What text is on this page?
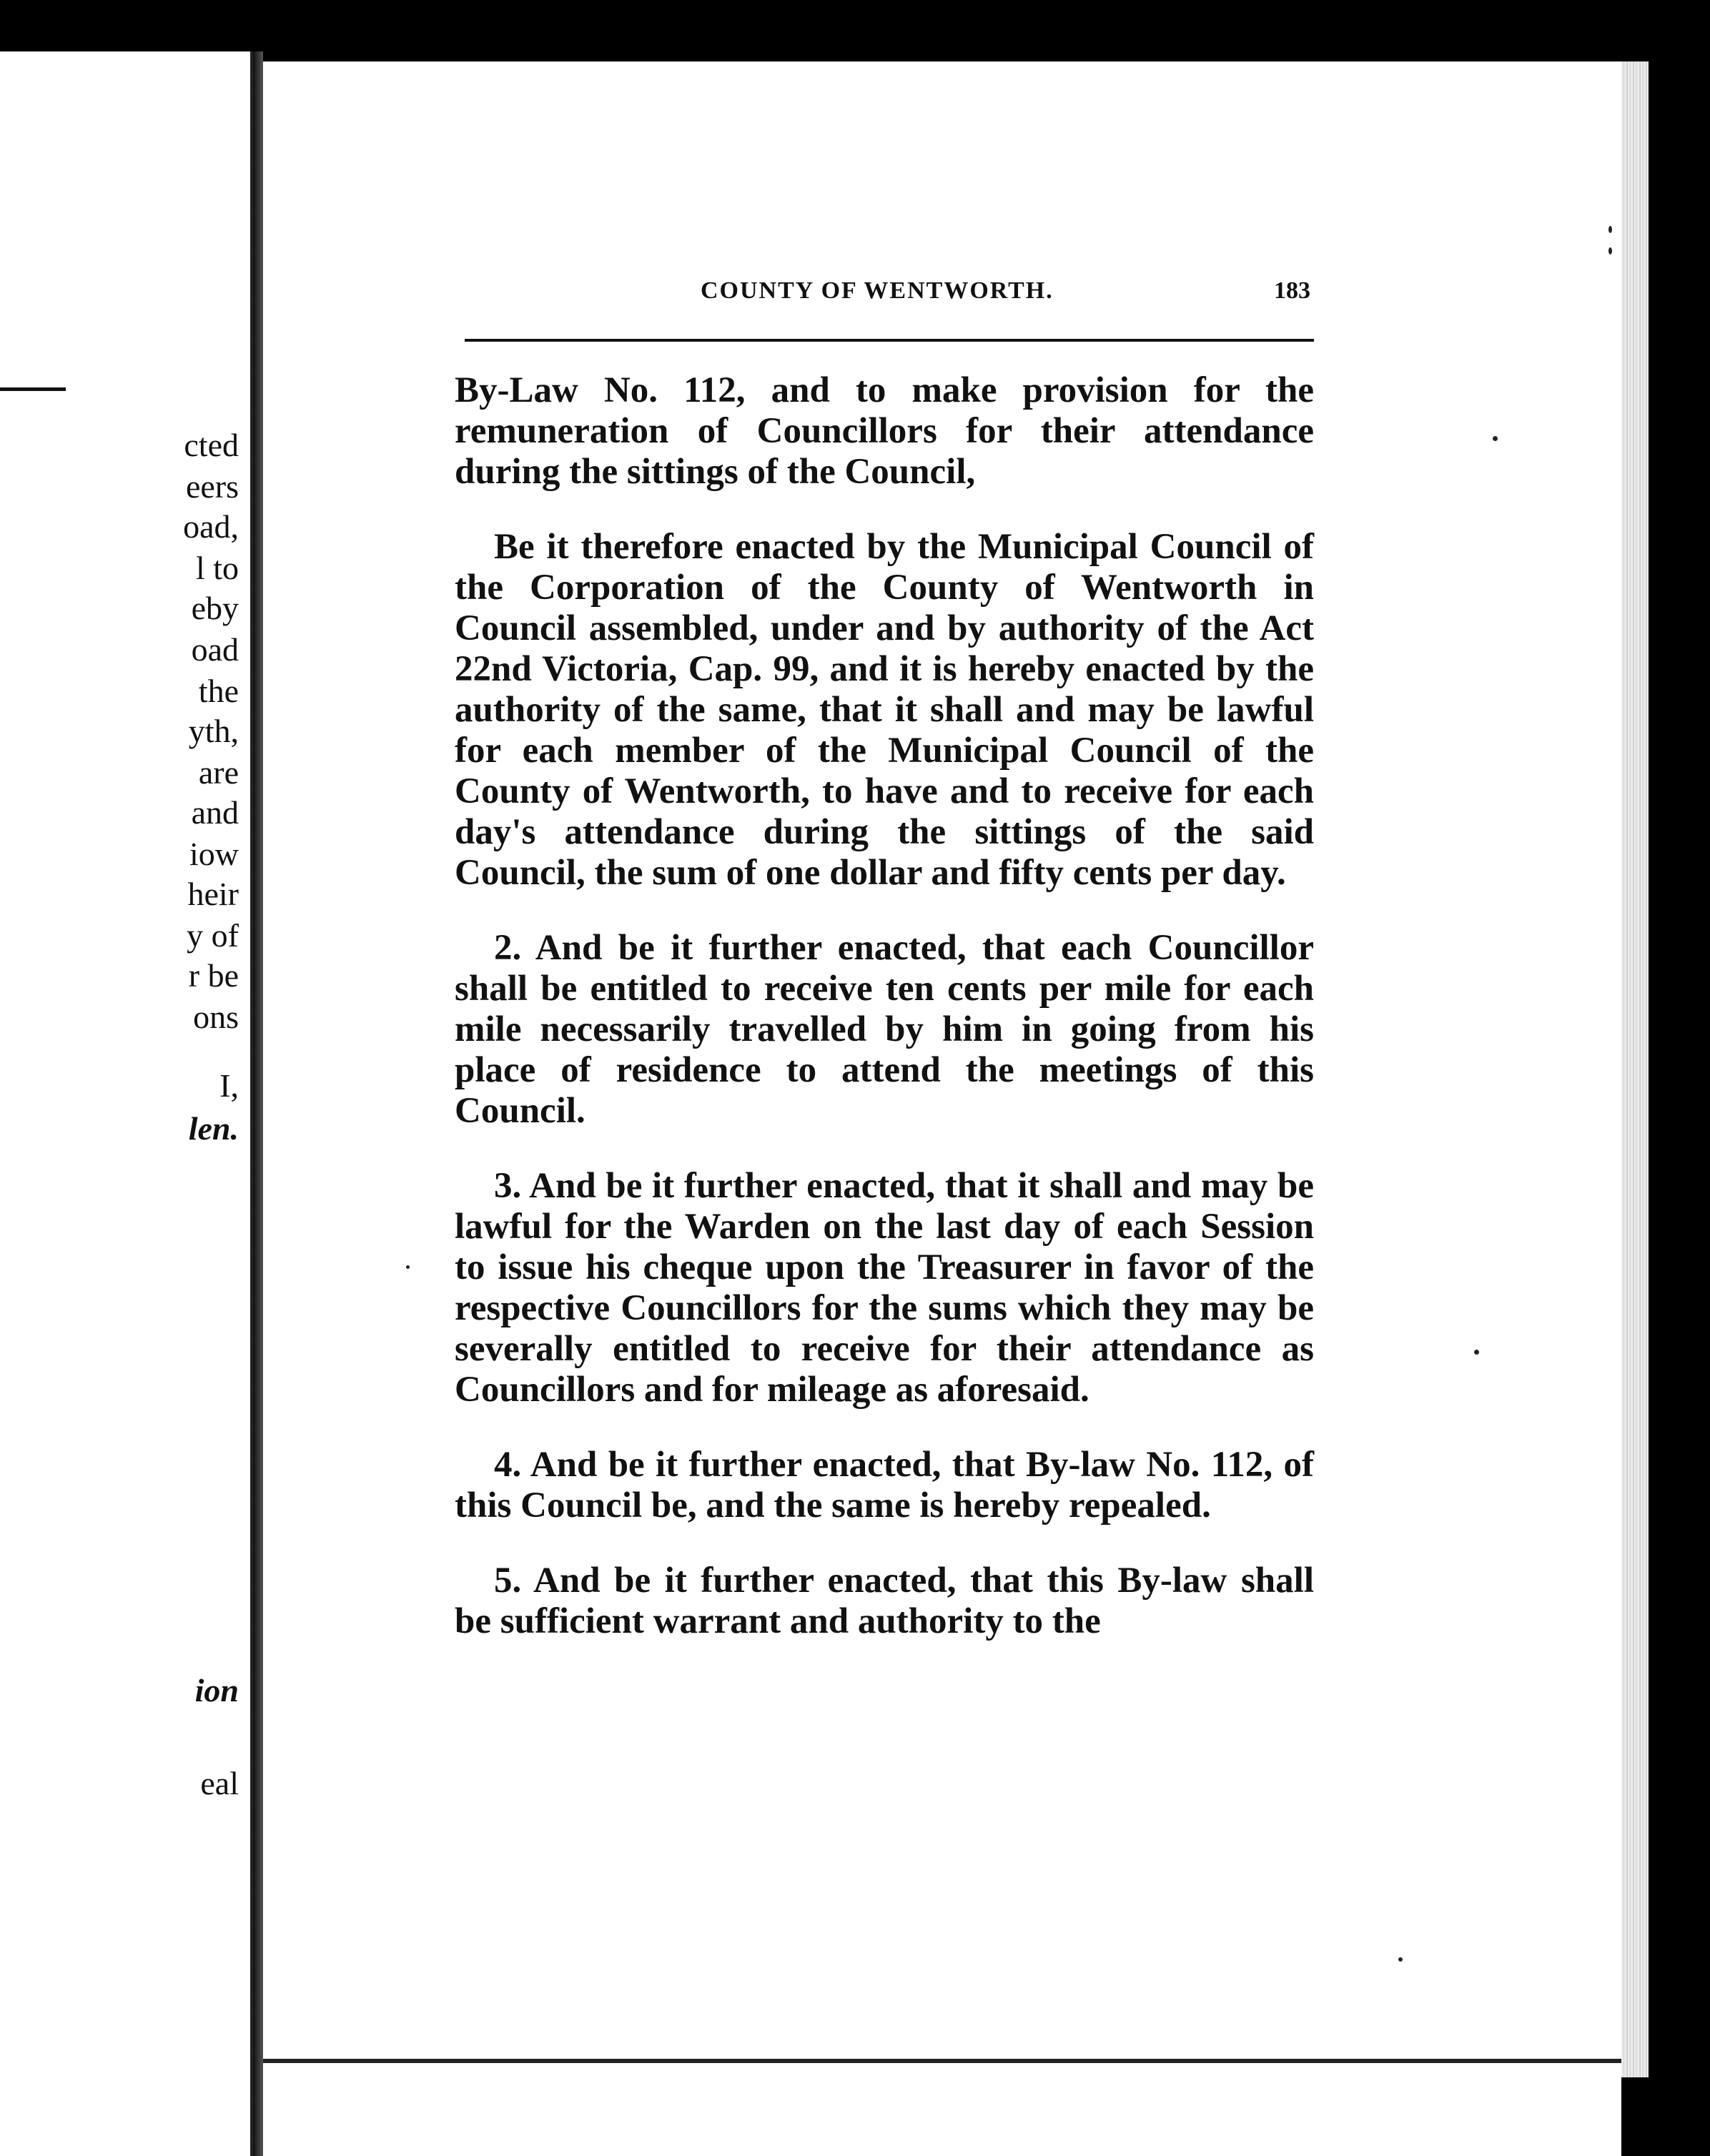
cted
eers
oad,
l to
eby
oad
the
yth,
are
and
iow
heir
y of
r be
ons
I,
len.
ion
eal
COUNTY OF WENTWORTH.	183

By-Law No. 112, and to make provision for the remuneration of Councillors for their attendance during the sittings of the Council,

Be it therefore enacted by the Municipal Council of the Corporation of the County of Wentworth in Council assembled, under and by authority of the Act 22nd Victoria, Cap. 99, and it is hereby enacted by the authority of the same, that it shall and may be lawful for each member of the Municipal Council of the County of Wentworth, to have and to receive for each day's attendance during the sittings of the said Council, the sum of one dollar and fifty cents per day.

2. And be it further enacted, that each Councillor shall be entitled to receive ten cents per mile for each mile necessarily travelled by him in going from his place of residence to attend the meetings of this Council.

3. And be it further enacted, that it shall and may be lawful for the Warden on the last day of each Session to issue his cheque upon the Treasurer in favor of the respective Councillors for the sums which they may be severally entitled to receive for their attendance as Councillors and for mileage as aforesaid.

4. And be it further enacted, that By-law No. 112, of this Council be, and the same is hereby repealed.

5. And be it further enacted, that this By-law shall be sufficient warrant and authority to the
